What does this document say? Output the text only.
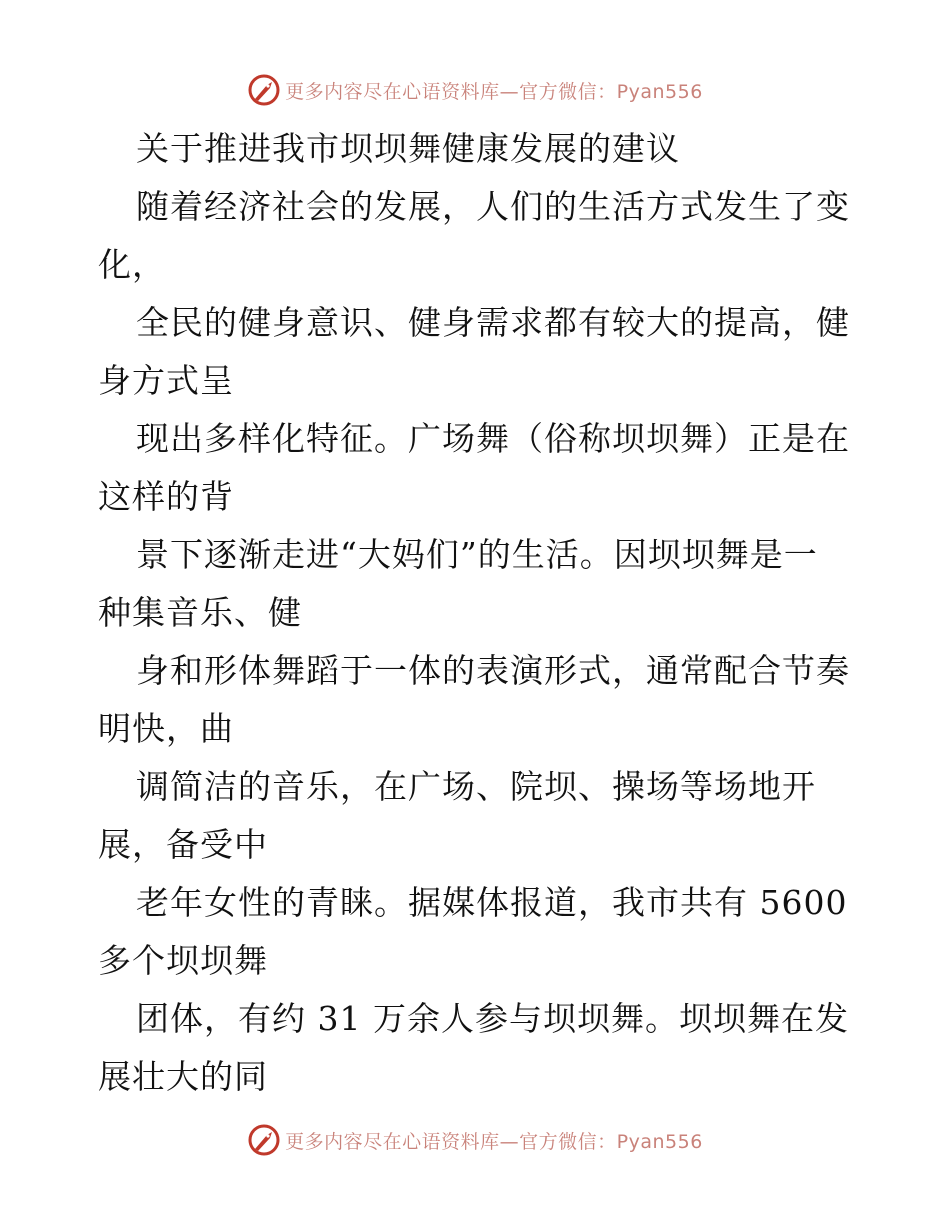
更多内容尽在心语资料库—官方微信：Pyan556
关于推进我市坝坝舞健康发展的建议
随着经济社会的发展，人们的生活方式发生了变
化，
全民的健身意识、健身需求都有较大的提高，健
身方式呈
现出多样化特征。广场舞（俗称坝坝舞）正是在
这样的背
景下逐渐走进“大妈们”的生活。因坝坝舞是一
种集音乐、健
身和形体舞蹈于一体的表演形式，通常配合节奏
明快，曲
调简洁的音乐，在广场、院坝、操场等场地开
展，备受中
老年女性的青睐。据媒体报道，我市共有 5600
多个坝坝舞
团体，有约 31 万余人参与坝坝舞。坝坝舞在发
展壮大的同
更多内容尽在心语资料库—官方微信：Pyan556
